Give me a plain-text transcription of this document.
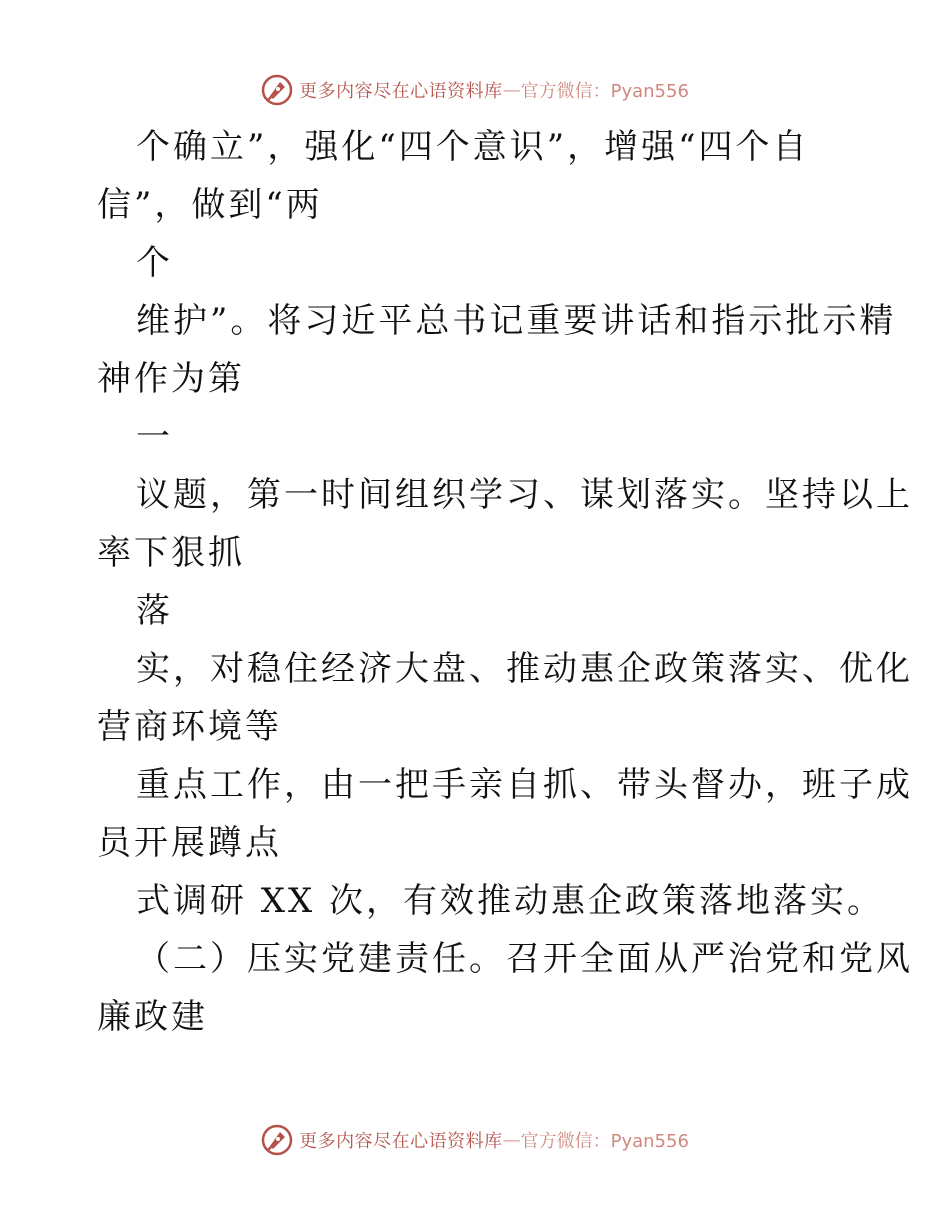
更多内容尽在心语资料库 — 官方微信：Pyan556
个确立”，强化“四个意识”，增强“四个自
信”，做到“两
个
维护”。将习近平总书记重要讲话和指示批示精
神作为第
一
议题，第一时间组织学习、谋划落实。坚持以上
率下狠抓
落
实，对稳住经济大盘、推动惠企政策落实、优化
营商环境等
重点工作，由一把手亲自抓、带头督办，班子成
员开展蹲点
式调研 XX 次，有效推动惠企政策落地落实。
（二）压实党建责任。召开全面从严治党和党风
廉政建
更多内容尽在心语资料库 — 官方微信：Pyan556
